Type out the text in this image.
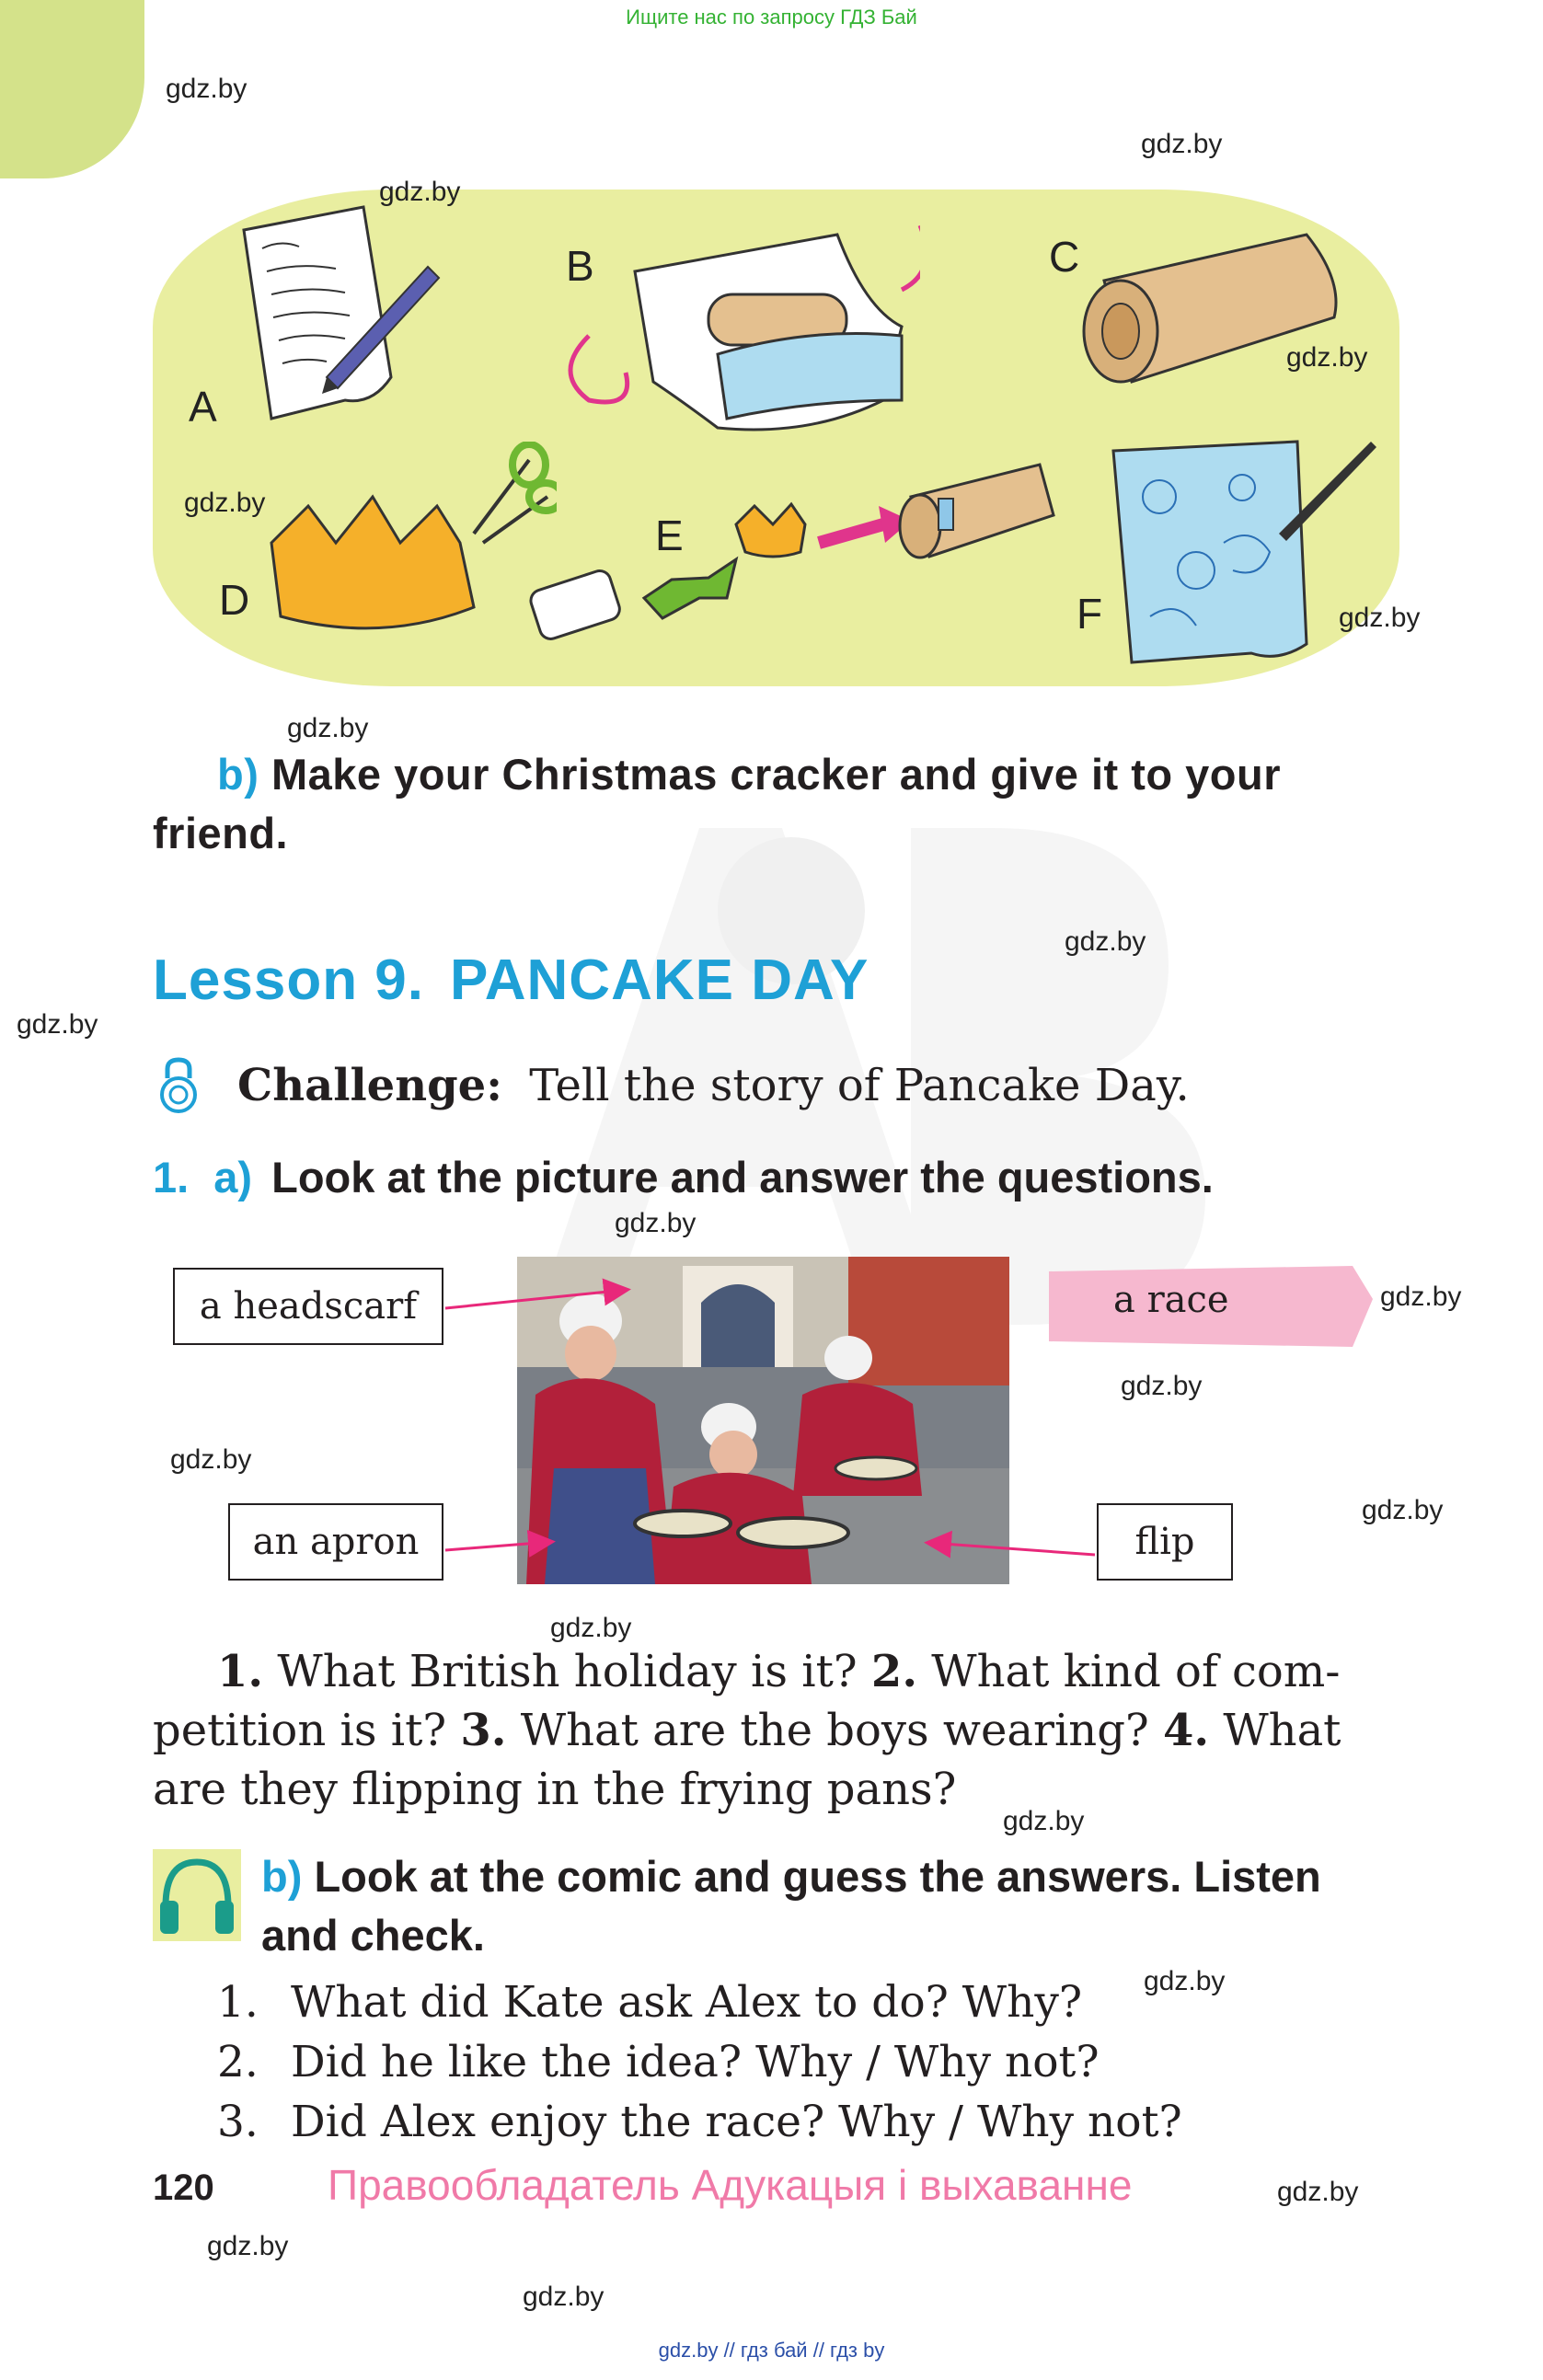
Ищите нас по запросу ГДЗ Бай
A
B	C
D
E
F
gdz.by
gdz.by
gdz.by
gdz.by
gdz.by
gdz.by
gdz.by
gdz.by
gdz.by
gdz.by
gdz.by
gdz.by
gdz.by
gdz.by
gdz.by
gdz.by
gdz.by
gdz.by
gdz.by
gdz.by
b) Make your Christmas cracker and give it to your friend.
Lesson 9. PANCAKE DAY
Challenge: Tell the story of Pancake Day.
1. a) Look at the picture and answer the questions.
a headscarf	a race
an apron	flip
1. What British holiday is it? 2. What kind of com-
petition is it? 3. What are the boys wearing? 4. What
are they flipping in the frying pans?
b) Look at the comic and guess the answers. Listen
and check.
1. What did Kate ask Alex to do? Why?
2. Did he like the idea? Why / Why not?
3. Did Alex enjoy the race? Why / Why not?
120	Правообладатель Адукацыя і выхаванне
gdz.by // гдз бай // гдз by
